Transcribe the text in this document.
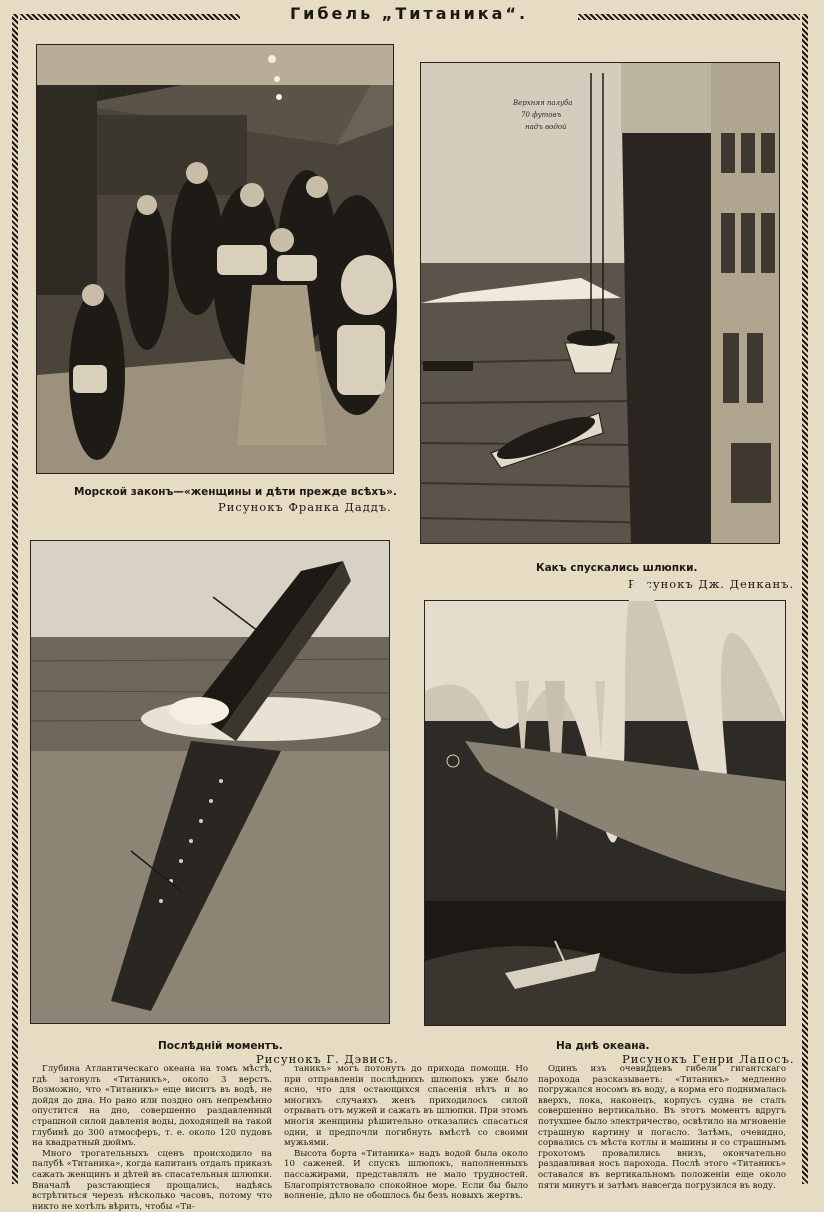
Гибель „Титаника“.
Морской законъ—«женщины и дѣти прежде всѣхъ».
Рисунокъ Франка Даддъ.
Верхняя палуба
70 футовъ
надъ водой
Какъ спускались шлюпки.
Рисунокъ Дж. Денканъ.
Послѣдній моментъ.
Рисунокъ Г. Дэвисъ.
На днѣ океана.
Рисунокъ Генри Лапосъ.

Глубина Атлантическаго океана на томъ мѣстѣ, гдѣ затонулъ «Титаникъ», около 3 верстъ. Возможно, что «Титаникъ» еще виситъ въ водѣ, не дойдя до дна. Но рано или поздно онъ непремѣнно опустится на дно, совершенно раздавленный страшной силой давленія воды, доходящей на такой глубинѣ до 300 атмосферъ, т. е. около 120 пудовъ на квадратный дюймъ.

Много трогательныхъ сценъ происходило на палубѣ «Титаника», когда капитанъ отдалъ приказъ сажать женщинъ и дѣтей въ спасательныя шлюпки. Вначалѣ разстающіеся прощались, надѣясь встрѣтиться черезъ нѣсколько часовъ, потому что никто не хотѣлъ вѣрить, чтобы «Ти-

таникъ» могъ потонуть до прихода помощи. Но при отправленіи послѣднихъ шлюпокъ уже было ясно, что для остающихся спасенія нѣтъ и во многихъ случаяхъ женъ приходилось силой отрывать отъ мужей и сажать въ шлюпки. При этомъ многія женщины рѣшительно отказались спасаться одни, и предпочли погибнуть вмѣстѣ со своими мужьями.

Высота борта «Титаника» надъ водой была около 10 саженей. И спускъ шлюпокъ, наполненныхъ пассажирами, представлялъ не мало трудностей. Благопріятствовало спокойное море. Если бы было волненіе, дѣло не обошлось бы безъ новыхъ жертвъ.

Одинъ изъ очевидцевъ гибели гигантскаго парохода разсказываетъ: «Титаникъ» медленно погружался носомъ въ воду, а корма его поднималась вверхъ, пока, наконецъ, корпусъ судна не сталъ совершенно вертикально. Въ этотъ моментъ вдругъ потухшее было электричество, освѣтило на мгновеніе страшную картину и погасло. Затѣмъ, очевидно, сорвались съ мѣста котлы и машины и со страшнымъ грохотомъ провалились внизъ, окончательно раздавливая носъ парохода. Послѣ этого «Титаникъ» оставался въ вертикальномъ положеніи еще около пяти минутъ и затѣмъ навсегда погрузился въ воду.
